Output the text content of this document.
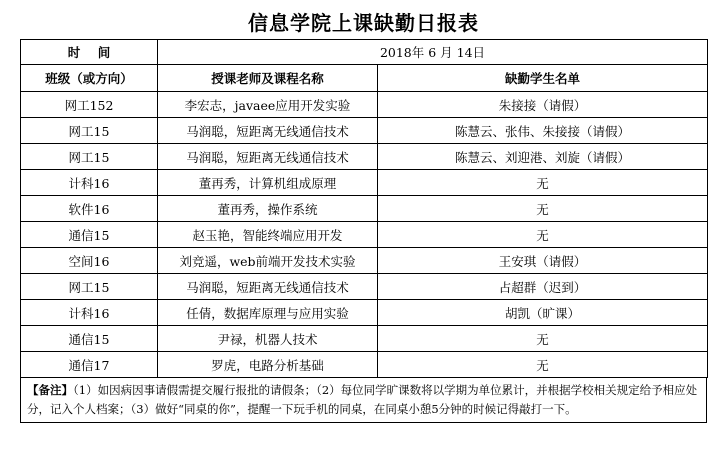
信息学院上课缺勤日报表
时    间	2018年 6 月 14日	
班级（或方向）	授课老师及课程名称	缺勤学生名单
网工152	李宏志，javaee应用开发实验	朱接接（请假）
网工15	马润聪，短距离无线通信技术	陈慧云、张伟、朱接接（请假）
网工15	马润聪，短距离无线通信技术	陈慧云、刘迎港、刘旋（请假）
计科16	董再秀，计算机组成原理	无
软件16	董再秀，操作系统	无
通信15	赵玉艳，智能终端应用开发	无
空间16	刘竞遥，web前端开发技术实验	王安琪（请假）
网工15	马润聪，短距离无线通信技术	占超群（迟到）
计科16	任倩，数据库原理与应用实验	胡凯（旷课）
通信15	尹禄，机器人技术	无
通信17	罗虎，电路分析基础	无
【备注】（1）如因病因事请假需提交履行报批的请假条；（2）每位同学旷课数将以学期为单位累计，并根据学校相关规定给予相应处分，记入个人档案；（3）做好“同桌的你”，提醒一下玩手机的同桌，在同桌小憩5分钟的时候记得敲打一下。
